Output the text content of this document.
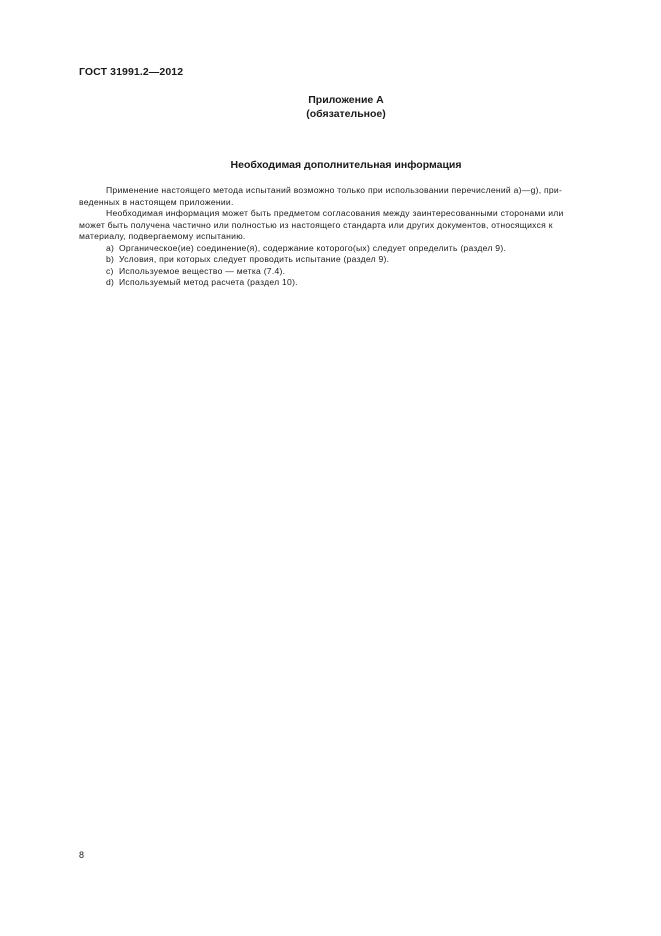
ГОСТ 31991.2—2012
Приложение А
(обязательное)
Необходимая дополнительная информация
Применение настоящего метода испытаний возможно только при использовании перечислений а)—g), при-
веденных в настоящем приложении.
Необходимая информация может быть предметом согласования между заинтересованными сторонами или
может быть получена частично или полностью из настоящего стандарта или других документов, относящихся к
материалу, подвергаемому испытанию.
a) Органическое(ие) соединение(я), содержание которого(ых) следует определить (раздел 9).
b) Условия, при которых следует проводить испытание (раздел 9).
c) Используемое вещество — метка (7.4).
d) Используемый метод расчета (раздел 10).
8
